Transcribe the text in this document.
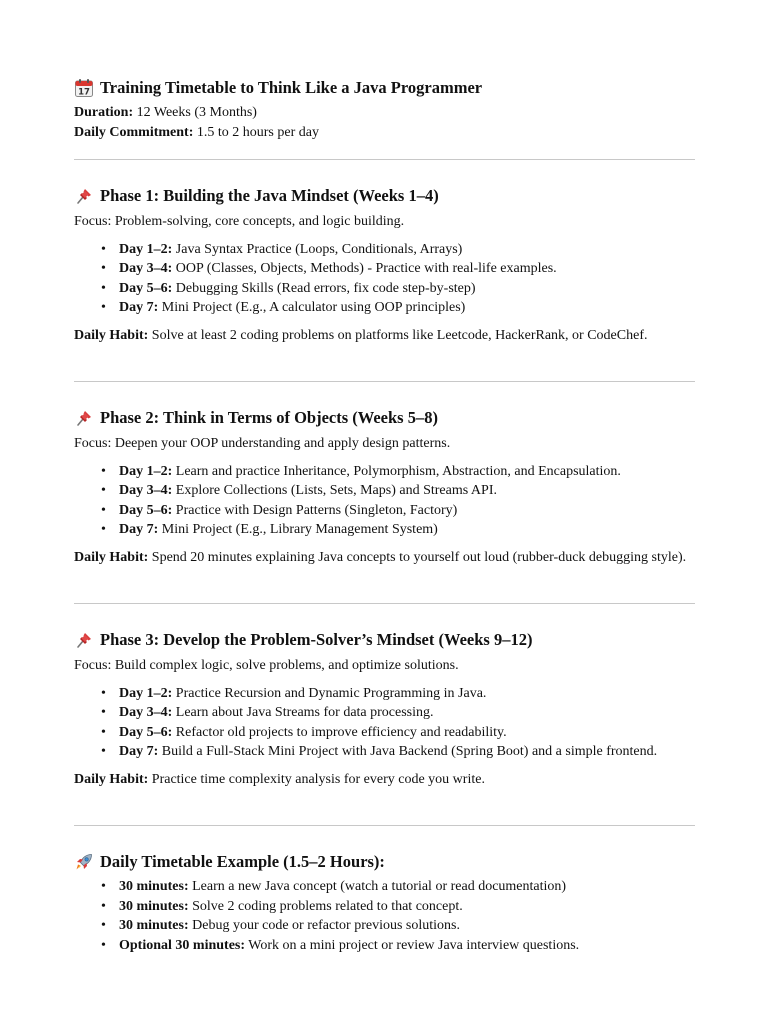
17 Training Timetable to Think Like a Java Programmer

Duration: 12 Weeks (3 Months)

Daily Commitment: 1.5 to 2 hours per day

Phase 1: Building the Java Mindset (Weeks 1–4)

Focus: Problem-solving, core concepts, and logic building.

• Day 1–2: Java Syntax Practice (Loops, Conditionals, Arrays)
• Day 3–4: OOP (Classes, Objects, Methods) - Practice with real-life examples.
• Day 5–6: Debugging Skills (Read errors, fix code step-by-step)
• Day 7: Mini Project (E.g., A calculator using OOP principles)

Daily Habit: Solve at least 2 coding problems on platforms like Leetcode, HackerRank, or CodeChef.

Phase 2: Think in Terms of Objects (Weeks 5–8)

Focus: Deepen your OOP understanding and apply design patterns.

• Day 1–2: Learn and practice Inheritance, Polymorphism, Abstraction, and Encapsulation.
• Day 3–4: Explore Collections (Lists, Sets, Maps) and Streams API.
• Day 5–6: Practice with Design Patterns (Singleton, Factory)
• Day 7: Mini Project (E.g., Library Management System)

Daily Habit: Spend 20 minutes explaining Java concepts to yourself out loud (rubber-duck debugging style).

Phase 3: Develop the Problem-Solver’s Mindset (Weeks 9–12)

Focus: Build complex logic, solve problems, and optimize solutions.

• Day 1–2: Practice Recursion and Dynamic Programming in Java.
• Day 3–4: Learn about Java Streams for data processing.
• Day 5–6: Refactor old projects to improve efficiency and readability.
• Day 7: Build a Full-Stack Mini Project with Java Backend (Spring Boot) and a simple frontend.

Daily Habit: Practice time complexity analysis for every code you write.

Daily Timetable Example (1.5–2 Hours):
• 30 minutes: Learn a new Java concept (watch a tutorial or read documentation)
• 30 minutes: Solve 2 coding problems related to that concept.
• 30 minutes: Debug your code or refactor previous solutions.
• Optional 30 minutes: Work on a mini project or review Java interview questions.
